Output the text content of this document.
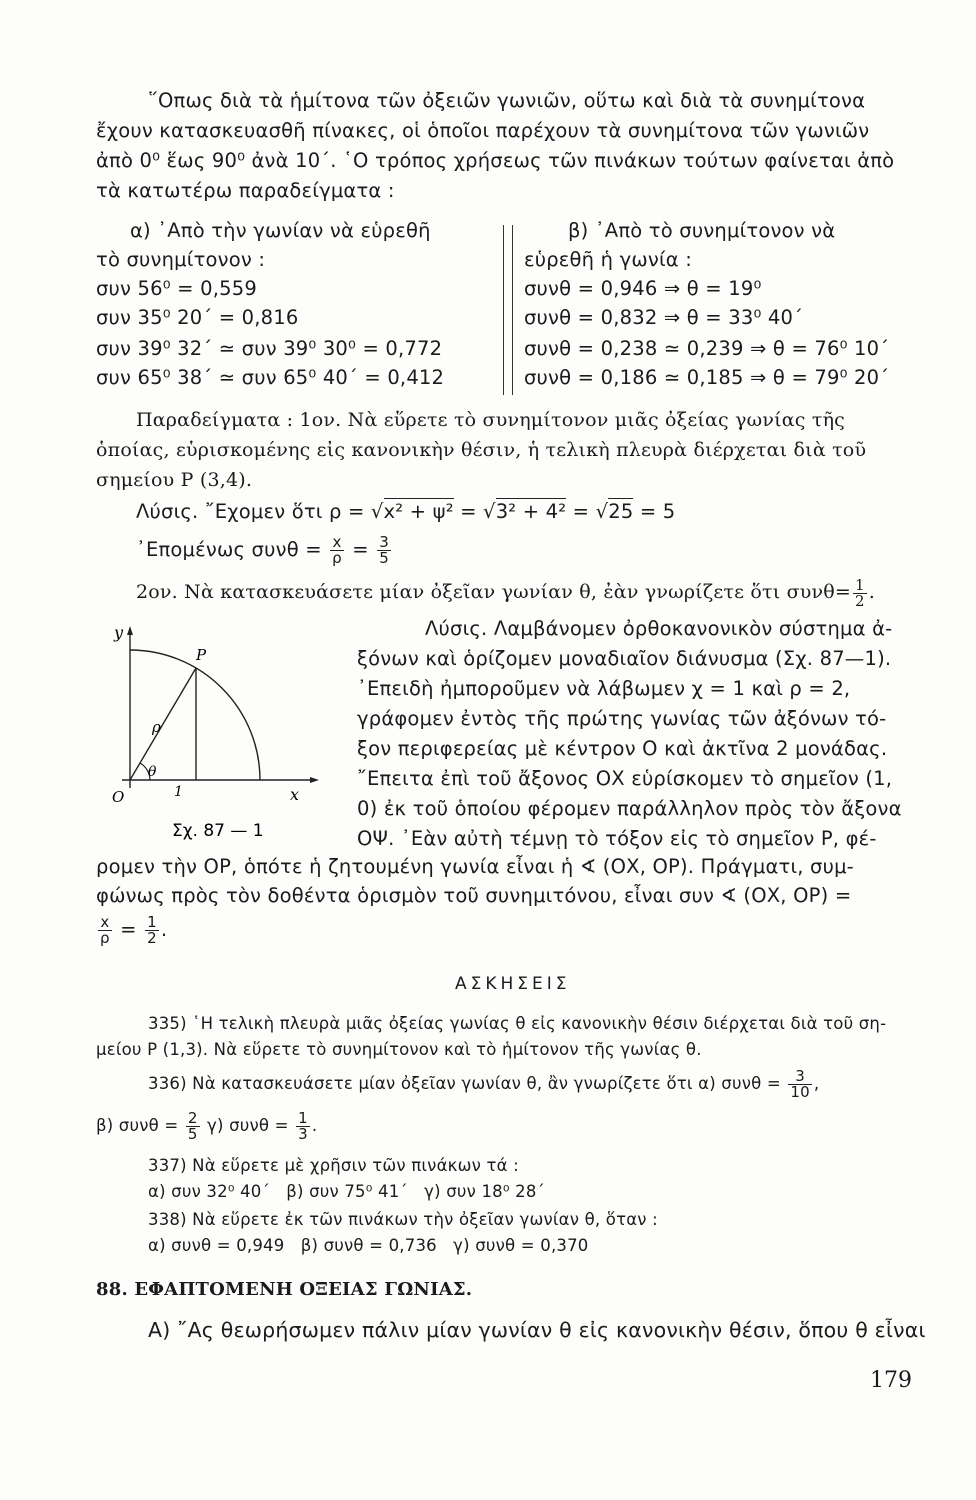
῞Οπως διὰ τὰ ἡμίτονα τῶν ὀξειῶν γωνιῶν, οὕτω καὶ διὰ τὰ συνημίτονα
ἔχουν κατασκευασθῆ πίνακες, οἱ ὁποῖοι παρέχουν τὰ συνημίτονα τῶν γωνιῶν
ἀπὸ 0⁰ ἕως 90⁰ ἀνὰ 10΄. ῾Ο τρόπος χρήσεως τῶν πινάκων τούτων φαίνεται ἀπὸ
τὰ κατωτέρω παραδείγματα :
α) ᾿Απὸ τὴν γωνίαν νὰ εὑρεθῆ
τὸ συνημίτονον :
συν 56⁰ = 0,559
συν 35⁰ 20΄ = 0,816
συν 39⁰ 32΄ ≃ συν 39⁰ 30⁰ = 0,772
συν 65⁰ 38΄ ≃ συν 65⁰ 40΄ = 0,412
β) ᾿Απὸ τὸ συνημίτονον νὰ
εὑρεθῆ ἡ γωνία :
συνθ = 0,946 ⇒ θ = 19⁰
συνθ = 0,832 ⇒ θ = 33⁰ 40΄
συνθ = 0,238 ≃ 0,239 ⇒ θ = 76⁰ 10΄
συνθ = 0,186 ≃ 0,185 ⇒ θ = 79⁰ 20΄
Παραδείγματα : 1ον. Νὰ εὕρετε τὸ συνημίτονον μιᾶς ὀξείας γωνίας τῆς
ὁποίας, εὑρισκομένης εἰς κανονικὴν θέσιν, ἡ τελικὴ πλευρὰ διέρχεται διὰ τοῦ
σημείου P (3,4).
Λύσις. ῎Εχομεν ὅτι ρ = √x² + ψ² = √3² + 4² = √25 = 5
᾿Επομένως $\sigma\upsilon\nu\theta = \frac{x}{\rho} = \frac{3}{5}$
2ον. Νὰ κατασκευάσετε μίαν ὀξεῖαν γωνίαν θ, ἐὰν γνωρίζετε ὅτι $\sigma\upsilon\nu\theta= \frac{1}{2}$ .
y
P
ρ
θ
O	1	x
Σχ. 87 — 1
Λύσις. Λαμβάνομεν ὀρθοκανονικὸν σύστημα ἀ-
ξόνων καὶ ὁρίζομεν μοναδιαῖον διάνυσμα (Σχ. 87—1).
᾿Επειδὴ ἠμποροῦμεν νὰ λάβωμεν χ = 1 καὶ ρ = 2,
γράφομεν ἐντὸς τῆς πρώτης γωνίας τῶν ἀξόνων τό-
ξον περιφερείας μὲ κέντρον Ο καὶ ἀκτῖνα 2 μονάδας.
῎Επειτα ἐπὶ τοῦ ἄξονος ΟΧ εὑρίσκομεν τὸ σημεῖον (1,
0) ἐκ τοῦ ὁποίου φέρομεν παράλληλον πρὸς τὸν ἄξονα
ΟΨ. ᾿Εὰν αὐτὴ τέμνῃ τὸ τόξον εἰς τὸ σημεῖον P, φέ-
ρομεν τὴν ΟΡ, ὁπότε ἡ ζητουμένη γωνία εἶναι ἡ ∢ (ΟΧ, ΟΡ). Πράγματι, συμ-
φώνως πρὸς τὸν δοθέντα ὁρισμὸν τοῦ συνημιτόνου, εἶναι συν ∢ (ΟΧ, ΟΡ) =
$\frac{x}{\rho} = \frac{1}{2}$ .
ΑΣΚΗΣΕΙΣ
335) ῾Η τελικὴ πλευρὰ μιᾶς ὀξείας γωνίας θ εἰς κανονικὴν θέσιν διέρχεται διὰ τοῦ ση-
μείου P (1,3). Νὰ εὕρετε τὸ συνημίτονον καὶ τὸ ἡμίτονον τῆς γωνίας θ.
336) Νὰ κατασκευάσετε μίαν ὀξεῖαν γωνίαν θ, ἂν γνωρίζετε ὅτι α) $\sigma\upsilon\nu\theta = \frac{3}{10}$ ,
β) $\sigma\upsilon\nu\theta = \frac{2}{5} \gamma$) $\sigma\upsilon\nu\theta = \frac{1}{3}$ .
337) Νὰ εὕρετε μὲ χρῆσιν τῶν πινάκων τά :
α) συν 32⁰ 40΄   β) συν 75⁰ 41΄   γ) συν 18⁰ 28΄
338) Νὰ εὕρετε ἐκ τῶν πινάκων τὴν ὀξεῖαν γωνίαν θ, ὅταν :
α) συνθ = 0,949   β) συνθ = 0,736   γ) συνθ = 0,370
88. ΕΦΑΠΤΟΜΕΝΗ ΟΞΕΙΑΣ ΓΩΝΙΑΣ.
Α) ῎Ας θεωρήσωμεν πάλιν μίαν γωνίαν θ εἰς κανονικὴν θέσιν, ὅπου θ εἶναι
179
